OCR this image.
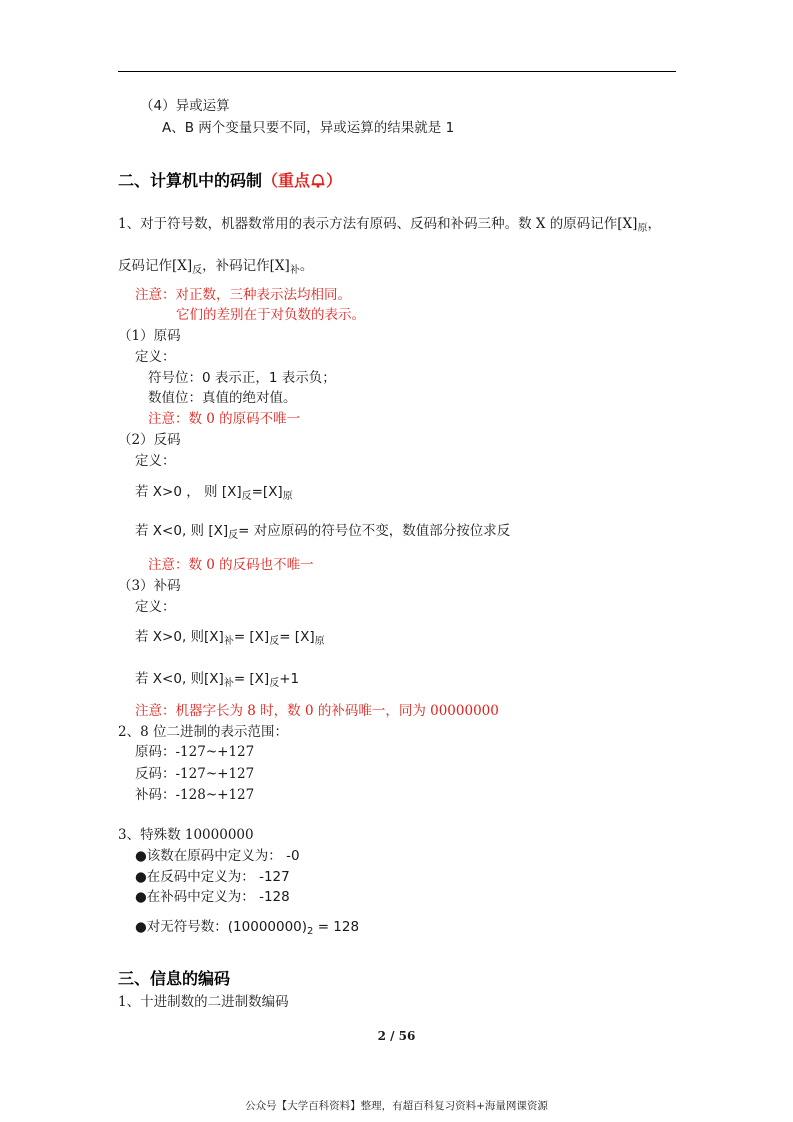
（4）异或运算
A、B 两个变量只要不同，异或运算的结果就是 1
二、计算机中的码制（重点 ）
1、对于符号数，机器数常用的表示方法有原码、反码和补码三种。数 X 的原码记作$[X]_原$，
反码记作$[X]_反$，补码记作$[X]_补$。
注意：对正数，三种表示法均相同。
它们的差别在于对负数的表示。
（1）原码
定义：
符号位：0 表示正，1 表示负；
数值位：真值的绝对值。
注意：数 0 的原码不唯一
（2）反码
定义：
若 X>0 ， 则 $[X]_反=[X]_原$
若 X<0, 则 $[X]_反=$ 对应原码的符号位不变，数值部分按位求反
注意：数 0 的反码也不唯一
（3）补码
定义：
若 X>0, 则$[X]_补= [X]_反= [X]_原$
若 X<0, 则$[X]_补= [X]_反+1$
注意：机器字长为 8 时，数 0 的补码唯一，同为 00000000
2、8 位二进制的表示范围：
原码：-127~+127
反码：-127~+127
补码：-128~+127
3、特殊数 10000000
●该数在原码中定义为： -0
●在反码中定义为： -127
●在补码中定义为： -128
●对无符号数：$(10000000)_2 = 128$
三、信息的编码
1、十进制数的二进制数编码
2 / 56
公众号【大学百科资料】整理，有超百科复习资料+海量网课资源
